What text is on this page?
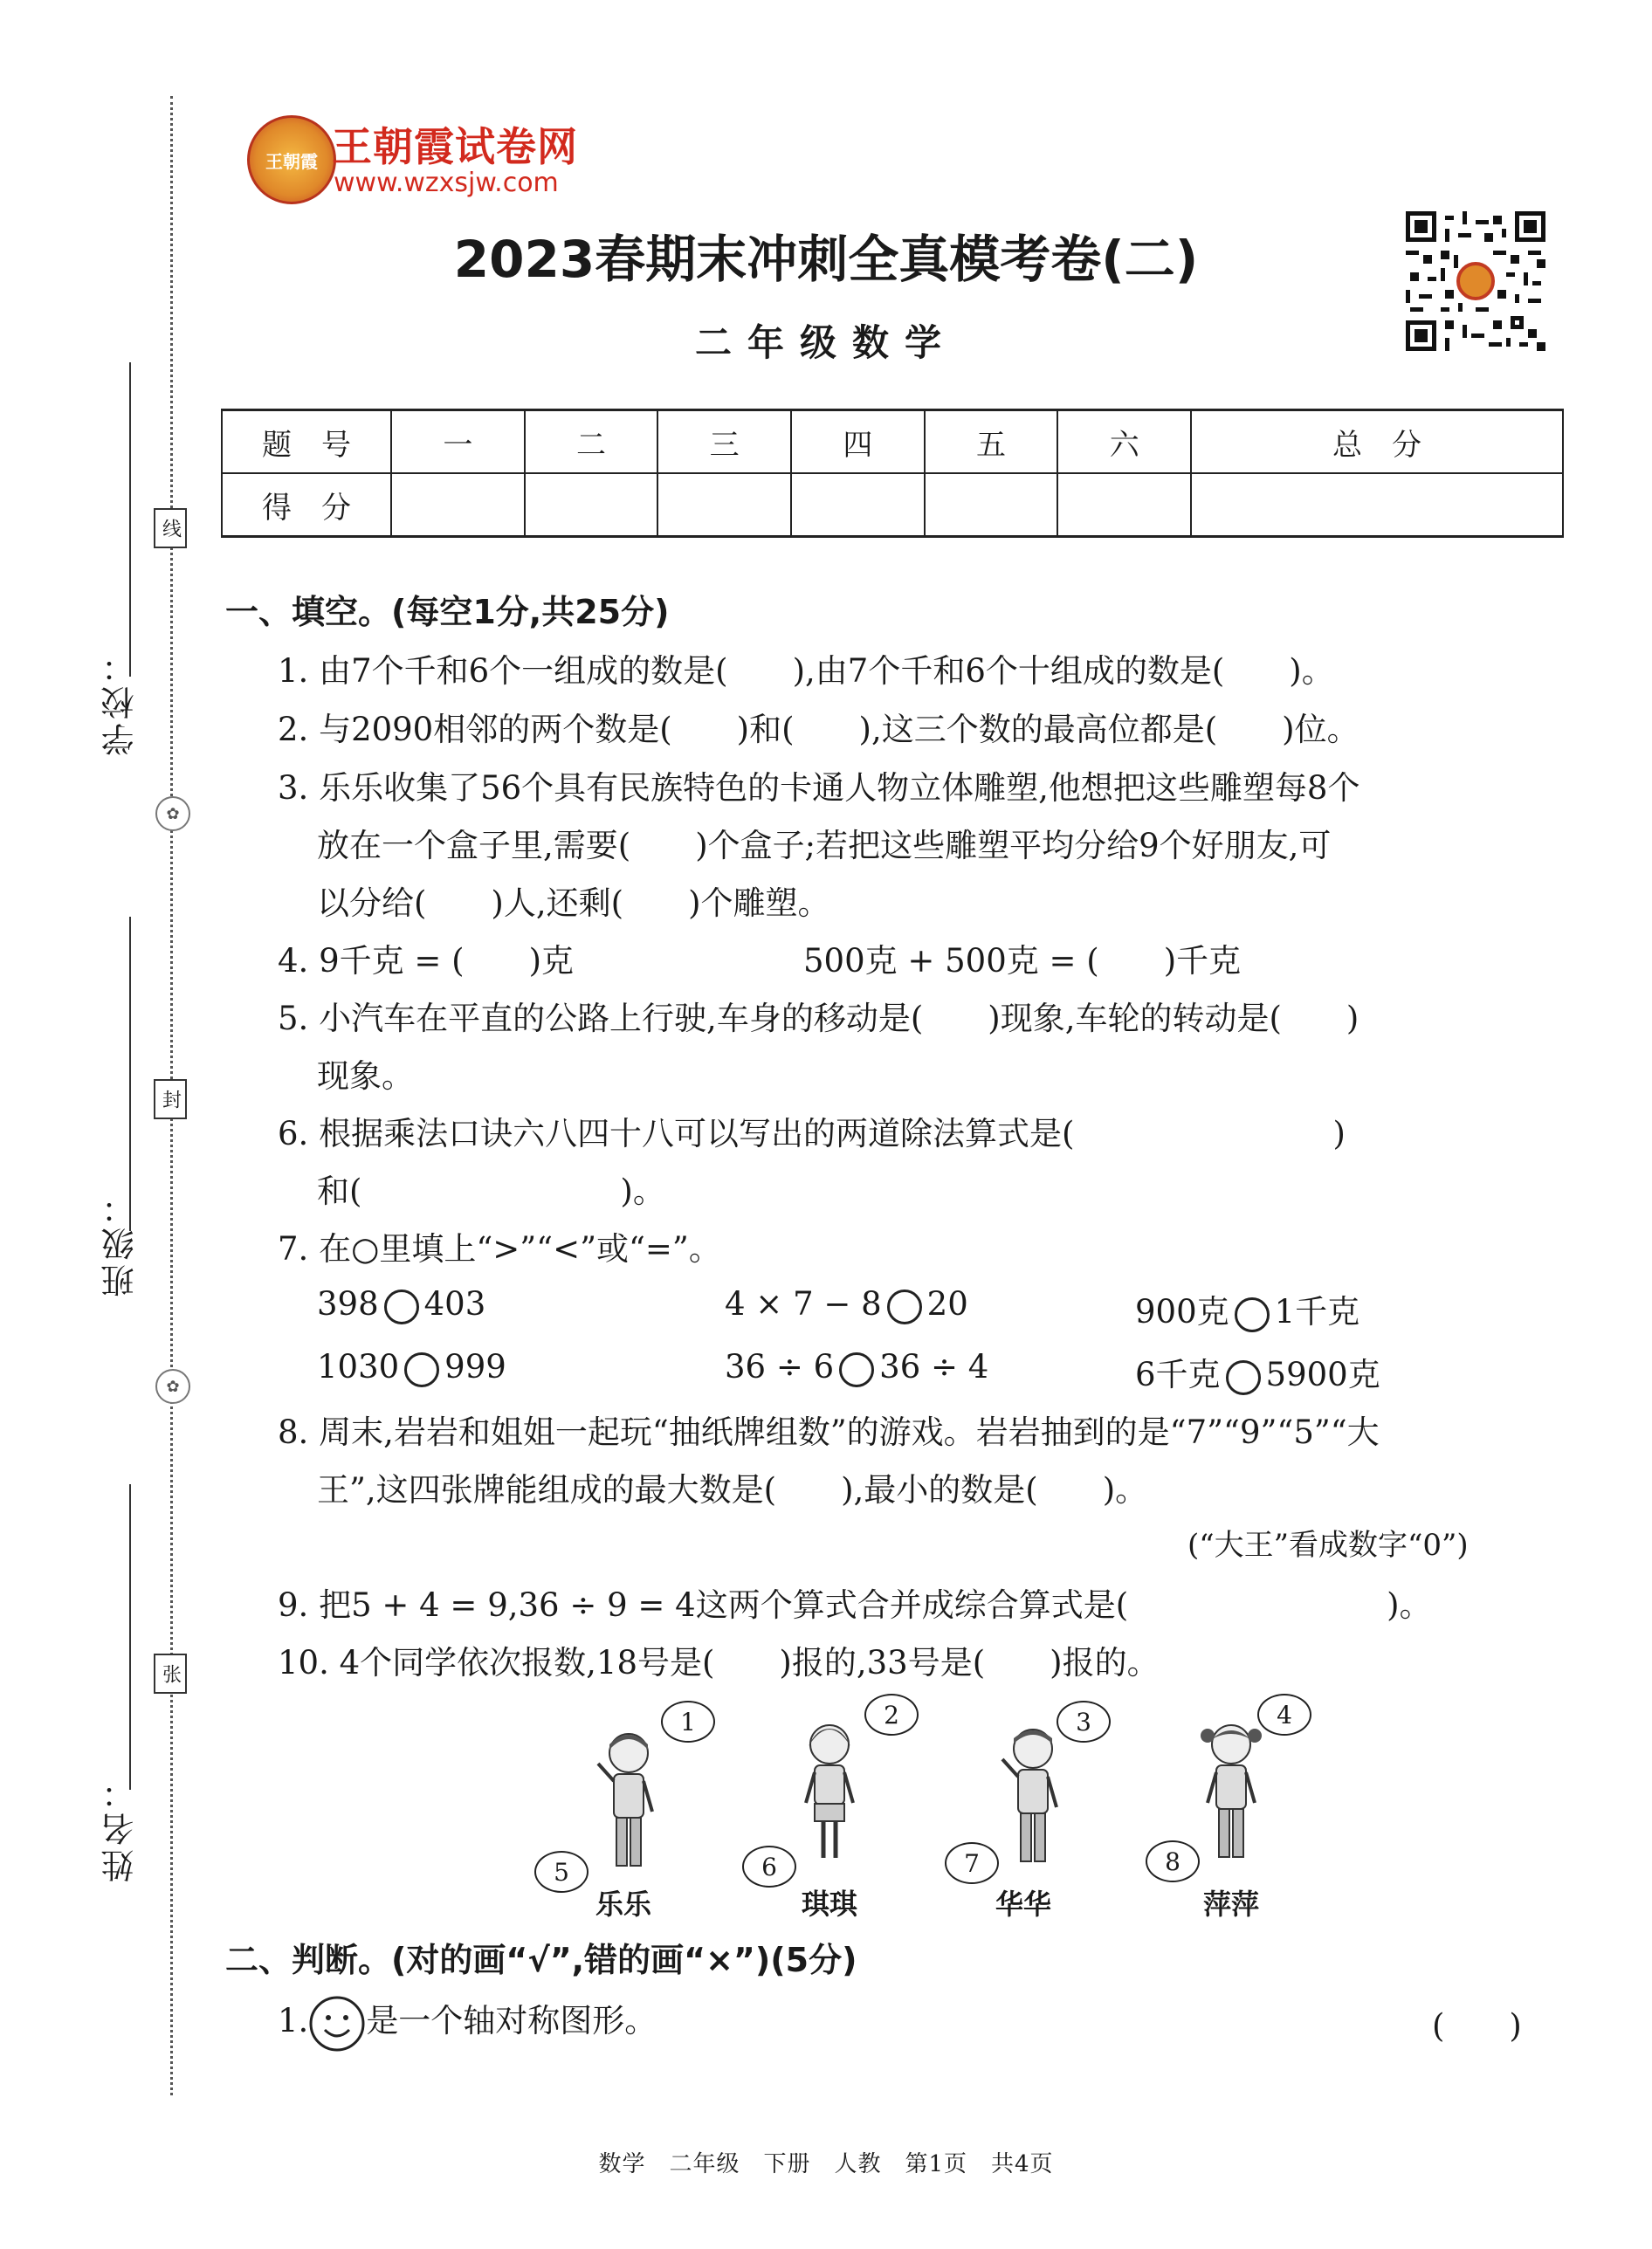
学校：
班级：
姓名：
线
封
张
✿
✿
王朝霞 王朝霞试卷网
www.wzxsjw.com
2023春期末冲刺全真模考卷(二)
二年级数学
题　号	一	二	三	四	五	六	总　分
得　分							
一、填空。(每空1分,共25分)
1. 由7个千和6个一组成的数是(　　),由7个千和6个十组成的数是(　　)。
2. 与2090相邻的两个数是(　　)和(　　),这三个数的最高位都是(　　)位。
3. 乐乐收集了56个具有民族特色的卡通人物立体雕塑,他想把这些雕塑每8个
放在一个盒子里,需要(　　)个盒子;若把这些雕塑平均分给9个好朋友,可
以分给(　　)人,还剩(　　)个雕塑。
4. 9千克 = (　　)克	500克 + 500克 = (　　)千克
5. 小汽车在平直的公路上行驶,车身的移动是(　　)现象,车轮的转动是(　　)
现象。
6. 根据乘法口诀六八四十八可以写出的两道除法算式是(　　　　　　　　)
和(　　　　　　　　)。
7. 在○里填上“>”“<”或“=”。
398 403	4 × 7 − 8 20	900克 1千克
1030 999	36 ÷ 6 36 ÷ 4	6千克 5900克
8. 周末,岩岩和姐姐一起玩“抽纸牌组数”的游戏。岩岩抽到的是“7”“9”“5”“大
王”,这四张牌能组成的最大数是(　　),最小的数是(　　)。
(“大王”看成数字“0”)
9. 把5 + 4 = 9,36 ÷ 9 = 4这两个算式合并成综合算式是(　　　　　　　　)。
10. 4个同学依次报数,18号是(　　)报的,33号是(　　)报的。
1	2	3	4
5	6	7	8
乐乐	琪琪	华华	萍萍
二、判断。(对的画“√”,错的画“×”)(5分)
1. 是一个轴对称图形。	(　　)
数学　二年级　下册　人教　第1页　共4页
